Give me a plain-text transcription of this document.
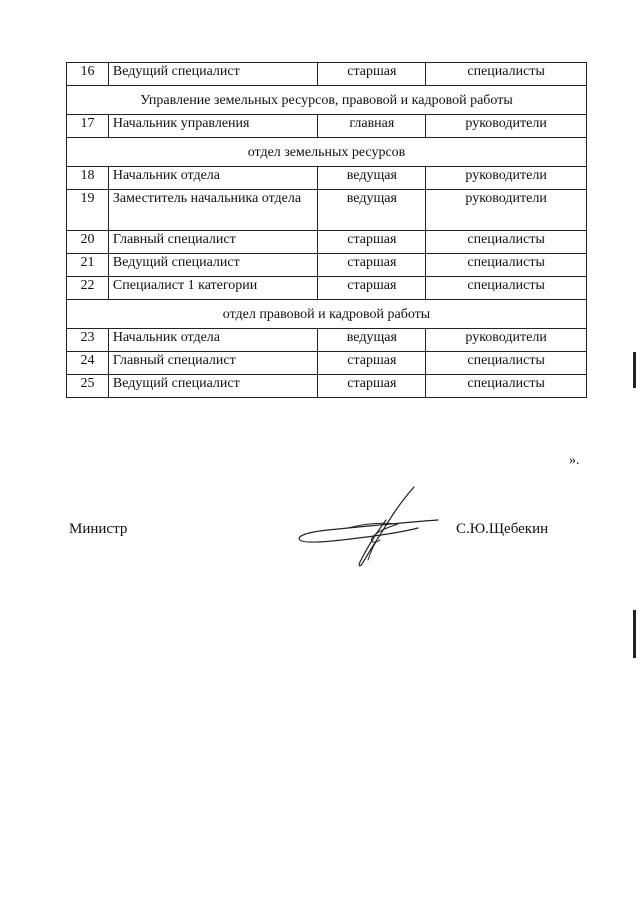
16	Ведущий специалист	старшая	специалисты
Управление земельных ресурсов, правовой и кадровой работы			
17	Начальник управления	главная	руководители
отдел земельных ресурсов			
18	Начальник отдела	ведущая	руководители
19	Заместитель начальника отдела	ведущая	руководители
20	Главный специалист	старшая	специалисты
21	Ведущий специалист	старшая	специалисты
22	Специалист 1 категории	старшая	специалисты
отдел правовой и кадровой работы			
23	Начальник отдела	ведущая	руководители
24	Главный специалист	старшая	специалисты
25	Ведущий специалист	старшая	специалисты
».
Министр	С.Ю.Щебекин
